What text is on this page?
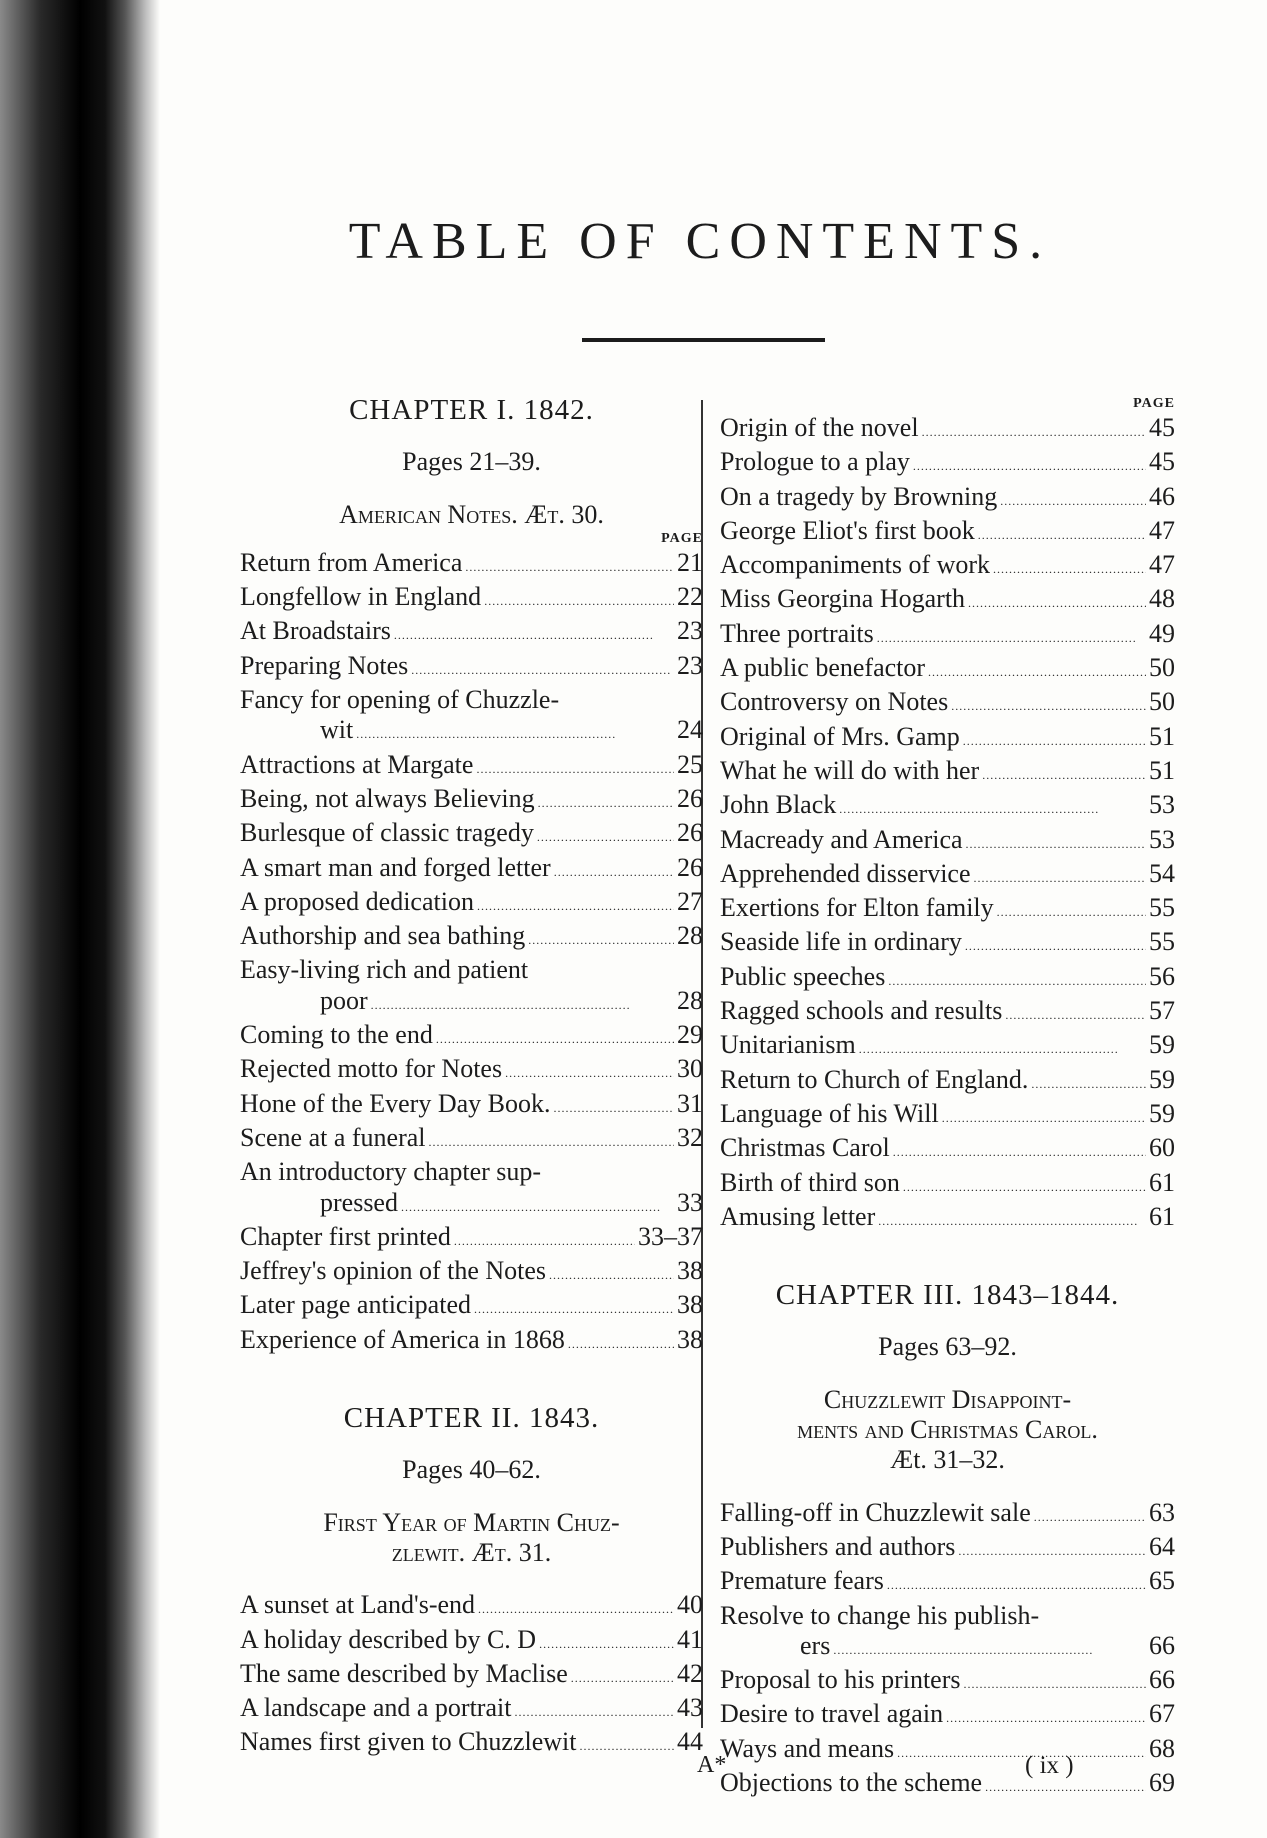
TABLE OF CONTENTS.
CHAPTER I. 1842.
Pages 21–39.
American Notes. Æt. 30.
PAGE
Return from America . . .	21
Longfellow in England . . .	22
At Broadstairs . . .	23
Preparing Notes . . .	23
Fancy for opening of Chuzzle-
wit . . .	24
Attractions at Margate . . .	25
Being, not always Believing . . .	26
Burlesque of classic tragedy . . .	26
A smart man and forged letter . . .	26
A proposed dedication . . .	27
Authorship and sea bathing . . .	28
Easy-living rich and patient
poor . . .	28
Coming to the end . . .	29
Rejected motto for Notes . . .	30
Hone of the Every Day Book. . . .	31
Scene at a funeral . . .	32
An introductory chapter sup-
pressed . . .	33
Chapter first printed . . .	33–37
Jeffrey's opinion of the Notes . . .	38
Later page anticipated . . .	38
Experience of America in 1868 . . .	38
CHAPTER II. 1843.
Pages 40–62.
First Year of Martin Chuz-
zlewit. Æt. 31.
A sunset at Land's-end . . .	40
A holiday described by C. D . . .	41
The same described by Maclise . . .	42
A landscape and a portrait . . .	43
Names first given to Chuzzlewit . . .	44
PAGE
Origin of the novel . . .	45
Prologue to a play . . .	45
On a tragedy by Browning . . .	46
George Eliot's first book . . .	47
Accompaniments of work . . .	47
Miss Georgina Hogarth . . .	48
Three portraits . . .	49
A public benefactor . . .	50
Controversy on Notes . . .	50
Original of Mrs. Gamp . . .	51
What he will do with her . . .	51
John Black . . .	53
Macready and America . . .	53
Apprehended disservice . . .	54
Exertions for Elton family . . .	55
Seaside life in ordinary . . .	55
Public speeches . . .	56
Ragged schools and results . . .	57
Unitarianism . . .	59
Return to Church of England. . . .	59
Language of his Will . . .	59
Christmas Carol . . .	60
Birth of third son . . .	61
Amusing letter . . .	61
CHAPTER III. 1843–1844.
Pages 63–92.
Chuzzlewit Disappoint-
ments and Christmas Carol.
Æt. 31–32.
Falling-off in Chuzzlewit sale . . .	63
Publishers and authors . . .	64
Premature fears . . .	65
Resolve to change his publish-
ers . . .	66
Proposal to his printers . . .	66
Desire to travel again . . .	67
Ways and means . . .	68
Objections to the scheme . . .	69
A*	( ix )
